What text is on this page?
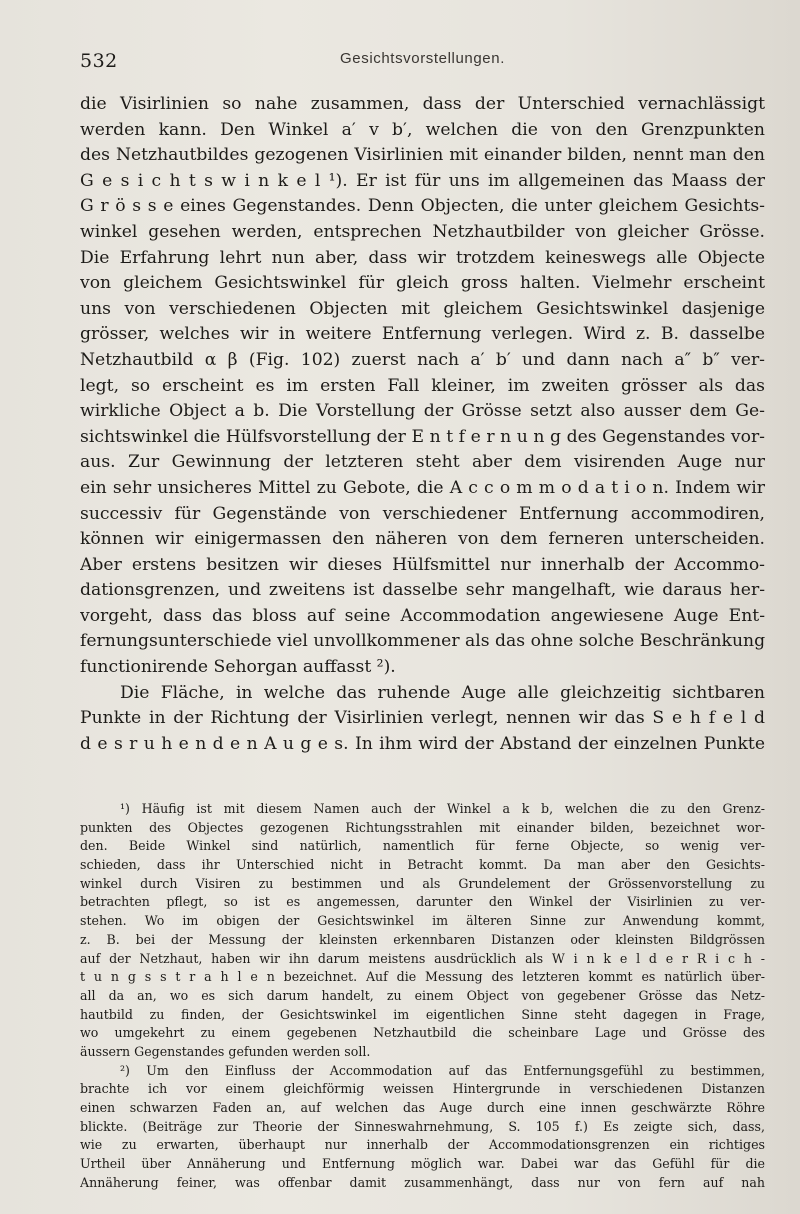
532	Gesichtsvorstellungen.
die Visirlinien so nahe zusammen, dass der Unterschied vernachlässigt
werden kann. Den Winkel a′ v b′, welchen die von den Grenzpunkten
des Netzhautbildes gezogenen Visirlinien mit einander bilden, nennt man den
G e s i c h t s w i n k e l ¹). Er ist für uns im allgemeinen das Maass der
G r ö s s e eines Gegenstandes. Denn Objecten, die unter gleichem Gesichts-
winkel gesehen werden, entsprechen Netzhautbilder von gleicher Grösse.
Die Erfahrung lehrt nun aber, dass wir trotzdem keineswegs alle Objecte
von gleichem Gesichtswinkel für gleich gross halten. Vielmehr erscheint
uns von verschiedenen Objecten mit gleichem Gesichtswinkel dasjenige
grösser, welches wir in weitere Entfernung verlegen. Wird z. B. dasselbe
Netzhautbild α β (Fig. 102) zuerst nach a′ b′ und dann nach a″ b″ ver-
legt, so erscheint es im ersten Fall kleiner, im zweiten grösser als das
wirkliche Object a b. Die Vorstellung der Grösse setzt also ausser dem Ge-
sichtswinkel die Hülfsvorstellung der E n t f e r n u n g des Gegenstandes vor-
aus. Zur Gewinnung der letzteren steht aber dem visirenden Auge nur
ein sehr unsicheres Mittel zu Gebote, die A c c o m m o d a t i o n. Indem wir
successiv für Gegenstände von verschiedener Entfernung accommodiren,
können wir einigermassen den näheren von dem ferneren unterscheiden.
Aber erstens besitzen wir dieses Hülfsmittel nur innerhalb der Accommo-
dationsgrenzen, und zweitens ist dasselbe sehr mangelhaft, wie daraus her-
vorgeht, dass das bloss auf seine Accommodation angewiesene Auge Ent-
fernungsunterschiede viel unvollkommener als das ohne solche Beschränkung
functionirende Sehorgan auffasst ²).
Die Fläche, in welche das ruhende Auge alle gleichzeitig sichtbaren
Punkte in der Richtung der Visirlinien verlegt, nennen wir das S e h f e l d
d e s r u h e n d e n A u g e s. In ihm wird der Abstand der einzelnen Punkte
¹) Häufig ist mit diesem Namen auch der Winkel a k b, welchen die zu den Grenz-
punkten des Objectes gezogenen Richtungsstrahlen mit einander bilden, bezeichnet wor-
den. Beide Winkel sind natürlich, namentlich für ferne Objecte, so wenig ver-
schieden, dass ihr Unterschied nicht in Betracht kommt. Da man aber den Gesichts-
winkel durch Visiren zu bestimmen und als Grundelement der Grössenvorstellung zu
betrachten pflegt, so ist es angemessen, darunter den Winkel der Visirlinien zu ver-
stehen. Wo im obigen der Gesichtswinkel im älteren Sinne zur Anwendung kommt,
z. B. bei der Messung der kleinsten erkennbaren Distanzen oder kleinsten Bildgrössen
auf der Netzhaut, haben wir ihn darum meistens ausdrücklich als W i n k e l d e r R i c h -
t u n g s s t r a h l e n bezeichnet. Auf die Messung des letzteren kommt es natürlich über-
all da an, wo es sich darum handelt, zu einem Object von gegebener Grösse das Netz-
hautbild zu finden, der Gesichtswinkel im eigentlichen Sinne steht dagegen in Frage,
wo umgekehrt zu einem gegebenen Netzhautbild die scheinbare Lage und Grösse des
äussern Gegenstandes gefunden werden soll.
²) Um den Einfluss der Accommodation auf das Entfernungsgefühl zu bestimmen,
brachte ich vor einem gleichförmig weissen Hintergrunde in verschiedenen Distanzen
einen schwarzen Faden an, auf welchen das Auge durch eine innen geschwärzte Röhre
blickte. (Beiträge zur Theorie der Sinneswahrnehmung, S. 105 f.) Es zeigte sich, dass,
wie zu erwarten, überhaupt nur innerhalb der Accommodationsgrenzen ein richtiges
Urtheil über Annäherung und Entfernung möglich war. Dabei war das Gefühl für die
Annäherung feiner, was offenbar damit zusammenhängt, dass nur von fern auf nah
